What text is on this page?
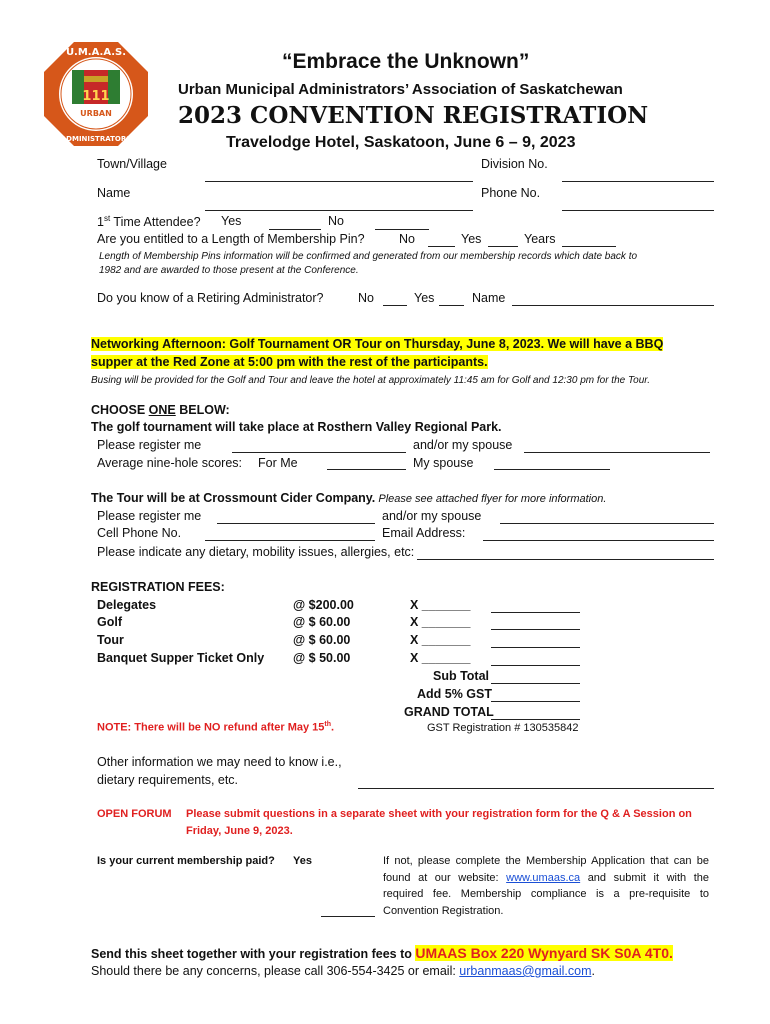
111
URBAN
U.M.A.A.S.
ADMINISTRATORS
“Embrace the Unknown”
Urban Municipal Administrators’ Association of Saskatchewan
2023 CONVENTION REGISTRATION
Travelodge Hotel, Saskatoon, June 6 – 9, 2023
Town/Village	Division No.
Name	Phone No.
1st Time Attendee? Yes	No
Are you entitled to a Length of Membership Pin?	No	Yes	Years
Length of Membership Pins information will be confirmed and generated from our membership records which date back to
1982 and are awarded to those present at the Conference.
Do you know of a Retiring Administrator?	No	Yes	Name
Networking Afternoon: Golf Tournament OR Tour on Thursday, June 8, 2023. We will have a BBQ
supper at the Red Zone at 5:00 pm with the rest of the participants.
Busing will be provided for the Golf and Tour and leave the hotel at approximately 11:45 am for Golf and 12:30 pm for the Tour.
CHOOSE ONE BELOW:
The golf tournament will take place at Rosthern Valley Regional Park.
Please register me	and/or my spouse
Average nine-hole scores: For Me	My spouse
The Tour will be at Crossmount Cider Company. Please see attached flyer for more information.
Please register me	and/or my spouse
Cell Phone No.	Email Address:
Please indicate any dietary, mobility issues, allergies, etc:
REGISTRATION FEES:
Delegates	@ $200.00	X _______
Golf	@ $ 60.00	X _______
Tour	@ $ 60.00	X _______
Banquet Supper Ticket Only @ $ 50.00	X _______
Sub Total
Add 5% GST
GRAND TOTAL
NOTE: There will be NO refund after May 15th.	GST Registration # 130535842
Other information we may need to know i.e.,
dietary requirements, etc.
OPEN FORUM Please submit questions in a separate sheet with your registration form for the Q & A Session on
Friday, June 9, 2023.
Is your current membership paid? Yes	If not, please complete the Membership Application that can be found at our website: www.umaas.ca and submit it with the required fee. Membership compliance is a pre-requisite to Convention Registration.
Send this sheet together with your registration fees to UMAAS Box 220 Wynyard SK S0A 4T0.
Should there be any concerns, please call 306-554-3425 or email: urbanmaas@gmail.com.
